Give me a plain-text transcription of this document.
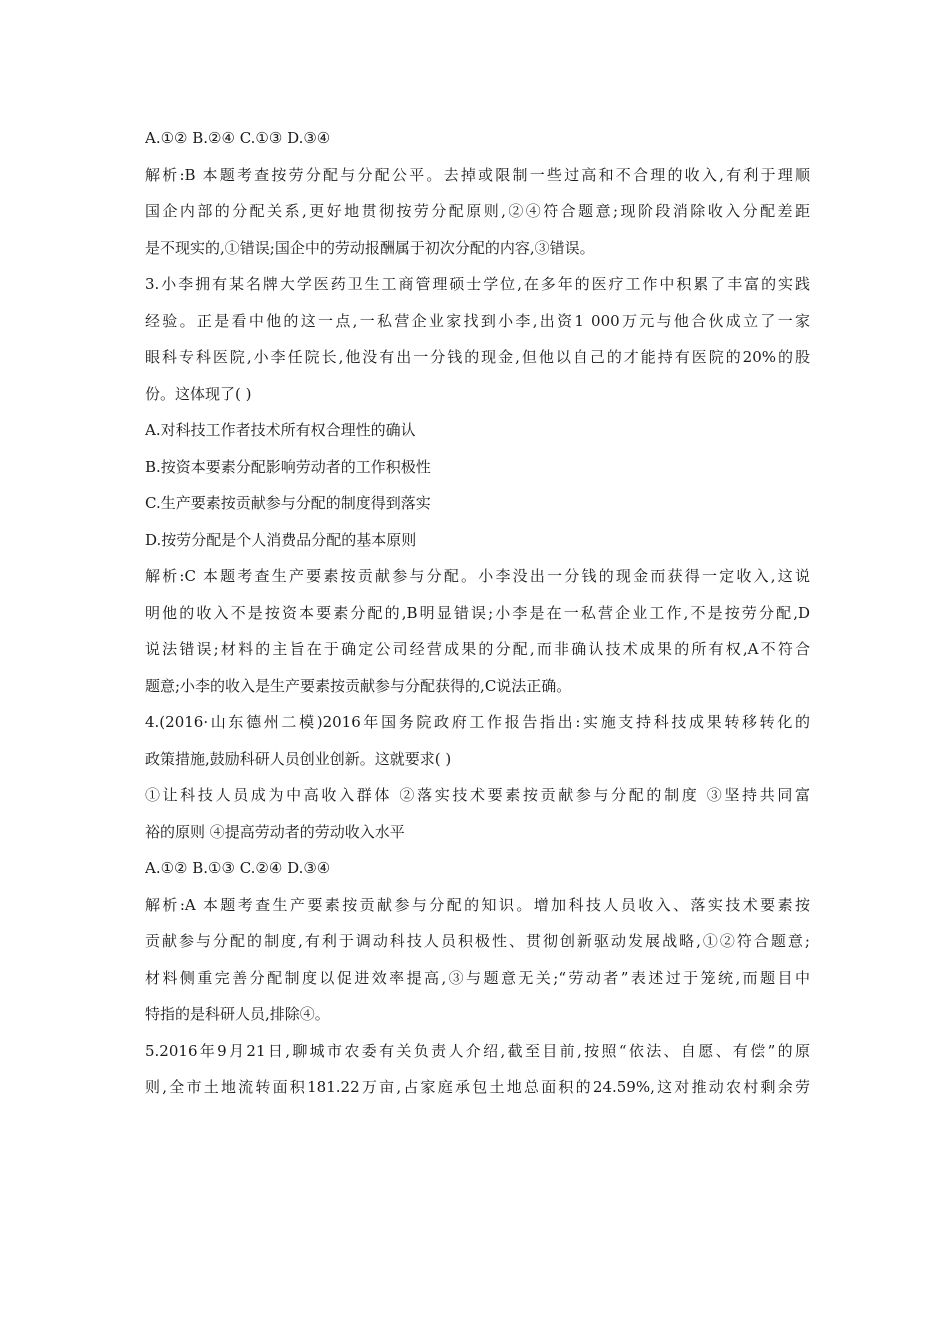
A.①② B.②④ C.①③ D.③④
解析:B 本题考查按劳分配与分配公平。去掉或限制一些过高和不合理的收入,有利于理顺
国企内部的分配关系,更好地贯彻按劳分配原则,②④符合题意;现阶段消除收入分配差距
是不现实的,①错误;国企中的劳动报酬属于初次分配的内容,③错误。
3.小李拥有某名牌大学医药卫生工商管理硕士学位,在多年的医疗工作中积累了丰富的实践
经验。正是看中他的这一点,一私营企业家找到小李,出资1 000万元与他合伙成立了一家
眼科专科医院,小李任院长,他没有出一分钱的现金,但他以自己的才能持有医院的20%的股
份。这体现了( )
A.对科技工作者技术所有权合理性的确认
B.按资本要素分配影响劳动者的工作积极性
C.生产要素按贡献参与分配的制度得到落实
D.按劳分配是个人消费品分配的基本原则
解析:C 本题考查生产要素按贡献参与分配。小李没出一分钱的现金而获得一定收入,这说
明他的收入不是按资本要素分配的,B明显错误;小李是在一私营企业工作,不是按劳分配,D
说法错误;材料的主旨在于确定公司经营成果的分配,而非确认技术成果的所有权,A不符合
题意;小李的收入是生产要素按贡献参与分配获得的,C说法正确。
4.(2016·山东德州二模)2016年国务院政府工作报告指出:实施支持科技成果转移转化的
政策措施,鼓励科研人员创业创新。这就要求( )
①让科技人员成为中高收入群体 ②落实技术要素按贡献参与分配的制度 ③坚持共同富
裕的原则 ④提高劳动者的劳动收入水平
A.①② B.①③ C.②④ D.③④
解析:A 本题考查生产要素按贡献参与分配的知识。增加科技人员收入、落实技术要素按
贡献参与分配的制度,有利于调动科技人员积极性、贯彻创新驱动发展战略,①②符合题意;
材料侧重完善分配制度以促进效率提高,③与题意无关;“劳动者”表述过于笼统,而题目中
特指的是科研人员,排除④。
5.2016年9月21日,聊城市农委有关负责人介绍,截至目前,按照“依法、自愿、有偿”的原
则,全市土地流转面积181.22万亩,占家庭承包土地总面积的24.59%,这对推动农村剩余劳
